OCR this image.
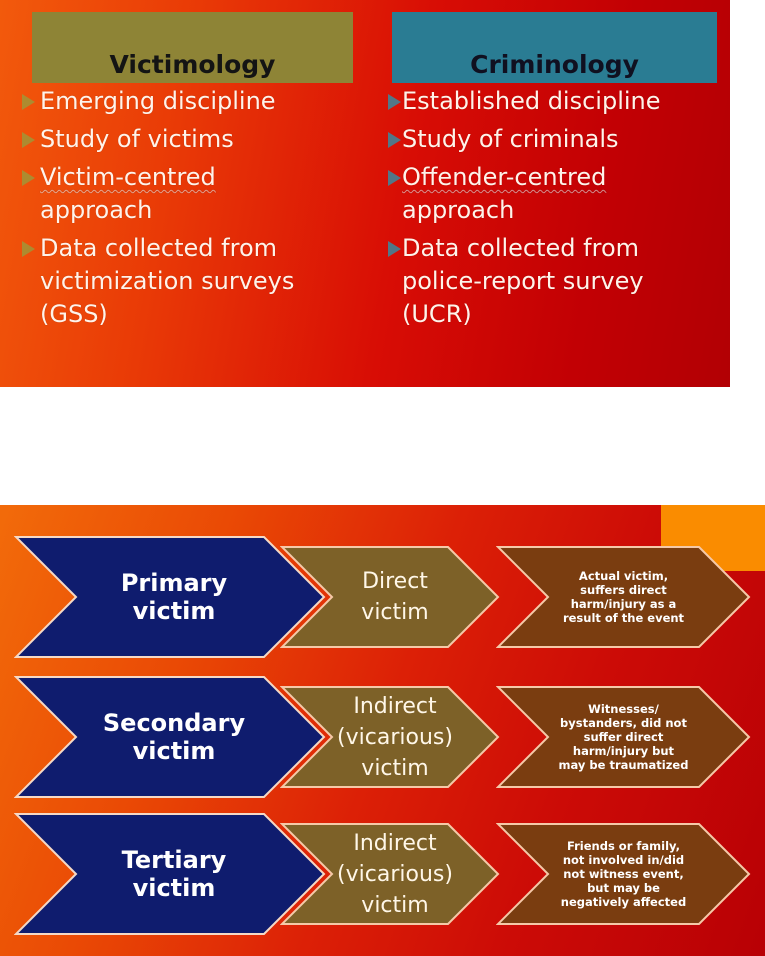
Victimology
Emerging discipline
Study of victims
Victim-centred
approach
Data collected from
victimization surveys
(GSS)
Criminology
Established discipline
Study of criminals
Offender-centred
approach
Data collected from
police-report survey
(UCR)
Primary
victim
Direct
victim
Actual victim,
suffers direct
harm/injury as a
result of the event
Secondary
victim
Indirect
(vicarious)
victim
Witnesses/
bystanders, did not
suffer direct
harm/injury but
may be traumatized
Tertiary
victim
Indirect
(vicarious)
victim
Friends or family,
not involved in/did
not witness event,
but may be
negatively affected
